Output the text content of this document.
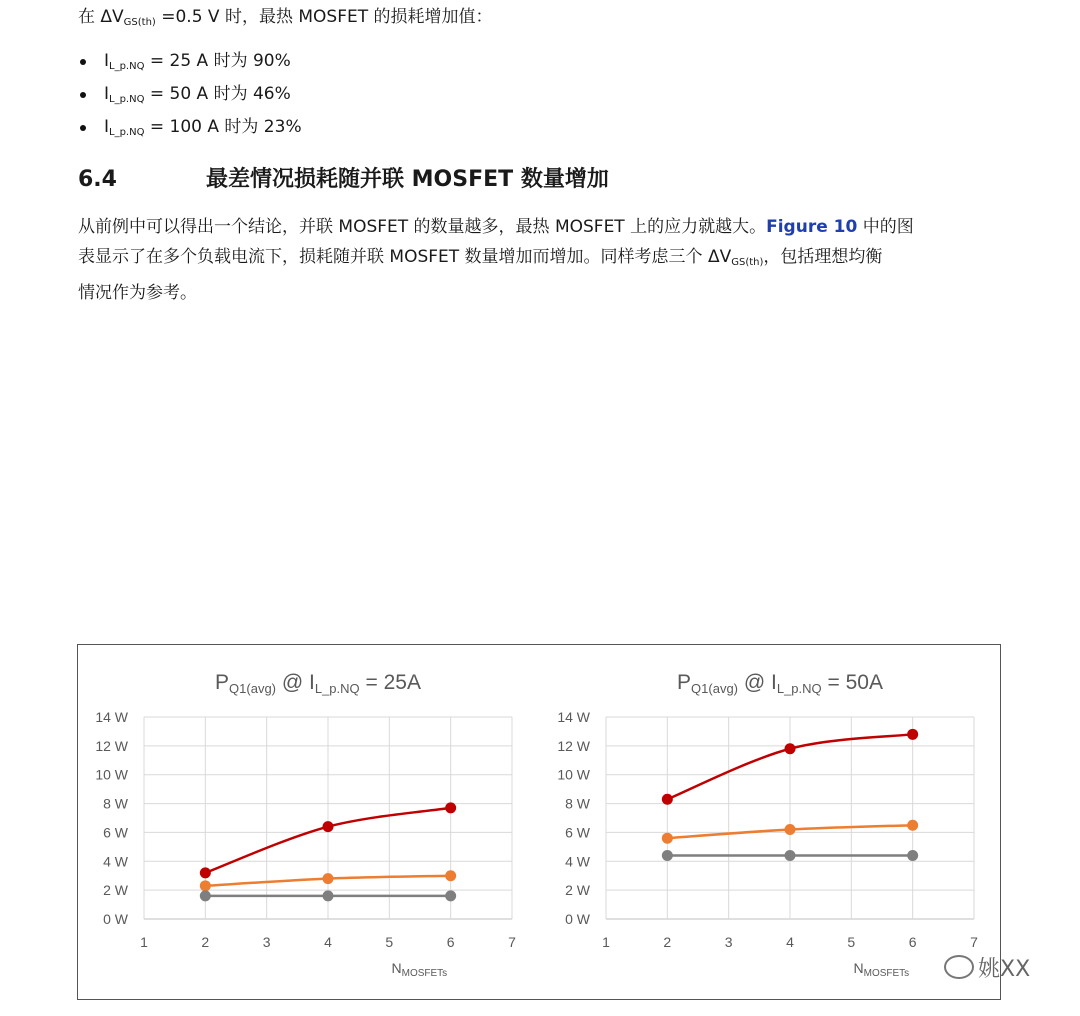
在 $\Delta V_{GS(th)} =0.5$ V 时，最热 MOSFET 的损耗增加值：
$I_{L\_p.NQ} = 25$ A 时为 90%
$I_{L\_p.NQ} = 50$ A 时为 46%
$I_{L\_p.NQ} = 100$ A 时为 23%
6.4	最差情况损耗随并联 MOSFET 数量增加
从前例中可以得出一个结论，并联 MOSFET 的数量越多，最热 MOSFET 上的应力就越大。Figure 10 中的图
表显示了在多个负载电流下，损耗随并联 MOSFET 数量增加而增加。同样考虑三个 $\Delta V_{GS(th)}$，包括理想均衡
情况作为参考。
PQ1(avg) @ IL_p.NQ = 25A
0 W
2 W
4 W
6 W
8 W
10 W
12 W
14 W
1	2	3	4	5	6	7
$N_{MOSFETs}$
PQ1(avg) @ IL_p.NQ = 50A
0 W
2 W
4 W
6 W
8 W
10 W
12 W
14 W
1	2	3	4	5	6	7
$N_{MOSFETs}$	姚XX
